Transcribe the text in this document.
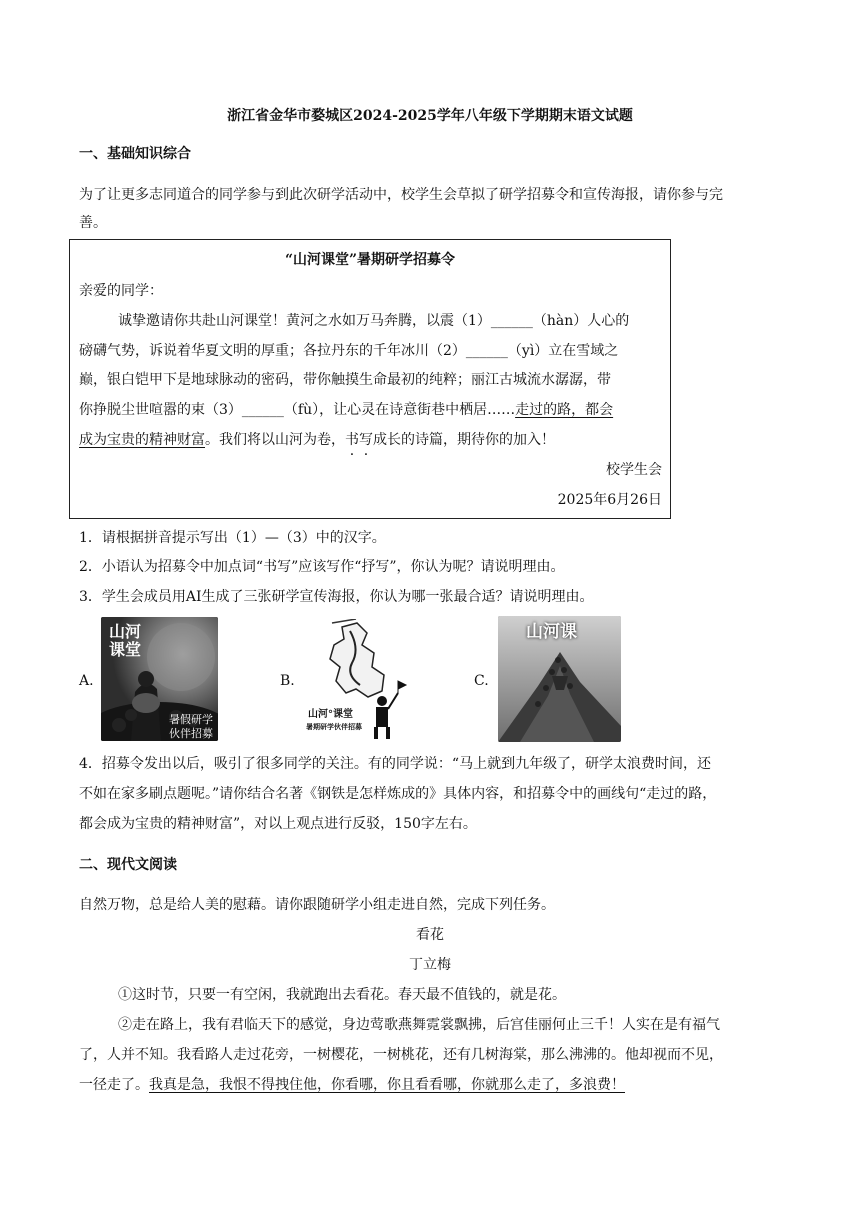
浙江省金华市婺城区2024-2025学年八年级下学期期末语文试题
一、基础知识综合
为了让更多志同道合的同学参与到此次研学活动中，校学生会草拟了研学招募令和宣传海报，请你参与完
善。
“山河课堂”暑期研学招募令
亲爱的同学：
诚挚邀请你共赴山河课堂！黄河之水如万马奔腾，以震（1）______（hàn）人心的
磅礴气势，诉说着华夏文明的厚重；各拉丹东的千年冰川（2）______（yì）立在雪域之
巅，银白铠甲下是地球脉动的密码，带你触摸生命最初的纯粹；丽江古城流水潺潺，带
你挣脱尘世喧嚣的束（3）______（fù），让心灵在诗意街巷中栖居……走过的路，都会
成为宝贵的精神财富。我们将以山河为卷，书写成长的诗篇，期待你的加入！
校学生会
2025年6月26日
1．请根据拼音提示写出（1）—（3）中的汉字。
2．小语认为招募令中加点词“书写”应该写作“抒写”，你认为呢？请说明理由。
3．学生会成员用AI生成了三张研学宣传海报，你认为哪一张最合适？请说明理由。
A.
山河课堂
暑假研学伙伴招募
B.
山河°课堂
暑期研学伙伴招募
C.
山河课
4．招募令发出以后，吸引了很多同学的关注。有的同学说：“马上就到九年级了，研学太浪费时间，还
不如在家多刷点题呢。”请你结合名著《钢铁是怎样炼成的》具体内容，和招募令中的画线句“走过的路，
都会成为宝贵的精神财富”，对以上观点进行反驳，150字左右。
二、现代文阅读
自然万物，总是给人美的慰藉。请你跟随研学小组走进自然，完成下列任务。
看花
丁立梅
①这时节，只要一有空闲，我就跑出去看花。春天最不值钱的，就是花。
②走在路上，我有君临天下的感觉，身边莺歌燕舞霓裳飘拂，后宫佳丽何止三千！人实在是有福气
了，人并不知。我看路人走过花旁，一树樱花，一树桃花，还有几树海棠，那么沸沸的。他却视而不见，
一径走了。我真是急，我恨不得拽住他，你看哪，你且看看哪，你就那么走了，多浪费！
